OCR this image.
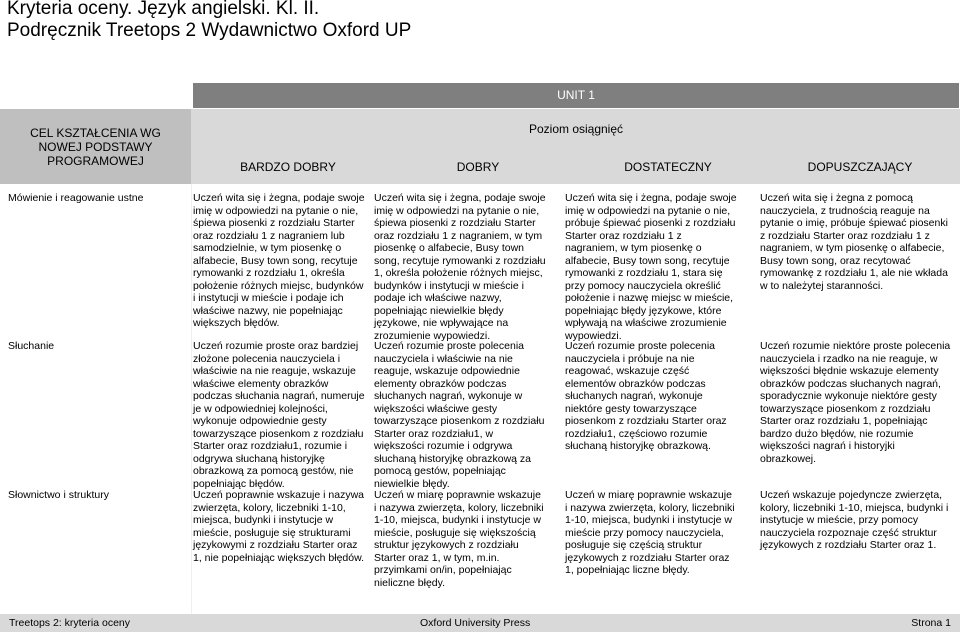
Kryteria oceny. Język angielski. Kl. II.
Podręcznik Treetops 2 Wydawnictwo Oxford UP
UNIT 1
CEL KSZTAŁCENIA WG NOWEJ PODSTAWY PROGRAMOWEJ
Poziom osiągnięć
BARDZO DOBRY	DOBRY	DOSTATECZNY	DOPUSZCZAJĄCY
Mówienie i reagowanie ustne	Uczeń wita się i żegna, podaje swoje imię w odpowiedzi na pytanie o nie, śpiewa piosenki z rozdziału Starter oraz rozdziału 1 z nagraniem lub samodzielnie, w tym piosenkę o alfabecie, Busy town song, recytuje rymowanki z rozdziału 1, określa położenie różnych miejsc, budynków i instytucji w mieście i podaje ich właściwe nazwy, nie popełniając większych błędów.
Uczeń wita się i żegna, podaje swoje imię w odpowiedzi na pytanie o nie, śpiewa piosenki z rozdziału Starter oraz rozdziału 1 z nagraniem, w tym piosenkę o alfabecie, Busy town song, recytuje rymowanki z rozdziału 1, określa położenie różnych miejsc, budynków i instytucji w mieście i podaje ich właściwe nazwy, popełniając niewielkie błędy językowe, nie wpływające na zrozumienie wypowiedzi.
Uczeń wita się i żegna, podaje swoje imię w odpowiedzi na pytanie o nie, próbuje śpiewać piosenki z rozdziału Starter oraz rozdziału 1 z nagraniem, w tym piosenkę o alfabecie, Busy town song, recytuje rymowanki z rozdziału 1, stara się przy pomocy nauczyciela określić położenie i nazwę miejsc w mieście, popełniając błędy językowe, które wpływają na właściwe zrozumienie wypowiedzi.
Uczeń wita się i żegna z pomocą nauczyciela, z trudnością reaguje na pytanie o imię, próbuje śpiewać piosenki z rozdziału Starter oraz rozdziału 1 z nagraniem, w tym piosenkę o alfabecie, Busy town song, oraz recytować rymowankę z rozdziału 1, ale nie wkłada w to należytej staranności.
Słuchanie	Uczeń rozumie proste oraz bardziej złożone polecenia nauczyciela i właściwie na nie reaguje, wskazuje właściwe elementy obrazków podczas słuchania nagrań, numeruje je w odpowiedniej kolejności, wykonuje odpowiednie gesty towarzyszące piosenkom z rozdziału Starter oraz rozdziału1, rozumie i odgrywa słuchaną historyjkę obrazkową za pomocą gestów, nie popełniając błędów.
Uczeń rozumie proste polecenia nauczyciela i właściwie na nie reaguje, wskazuje odpowiednie elementy obrazków podczas słuchanych nagrań, wykonuje w większości właściwe gesty towarzyszące piosenkom z rozdziału Starter oraz rozdziału1, w większości rozumie i odgrywa słuchaną historyjkę obrazkową za pomocą gestów, popełniając niewielkie błędy.
Uczeń rozumie proste polecenia nauczyciela i próbuje na nie reagować, wskazuje część elementów obrazków podczas słuchanych nagrań, wykonuje niektóre gesty towarzyszące piosenkom z rozdziału Starter oraz rozdziału1, częściowo rozumie słuchaną historyjkę obrazkową.
Uczeń rozumie niektóre proste polecenia nauczyciela i rzadko na nie reaguje, w większości błędnie wskazuje elementy obrazków podczas słuchanych nagrań, sporadycznie wykonuje niektóre gesty towarzyszące piosenkom z rozdziału Starter oraz rozdziału 1, popełniając bardzo dużo błędów, nie rozumie większości nagrań i historyjki obrazkowej.
Słownictwo i struktury	Uczeń poprawnie wskazuje i nazywa zwierzęta, kolory, liczebniki 1-10, miejsca, budynki i instytucje w mieście, posługuje się strukturami językowymi z rozdziału Starter oraz 1, nie popełniając większych błędów.
Uczeń w miarę poprawnie wskazuje i nazywa zwierzęta, kolory, liczebniki 1-10, miejsca, budynki i instytucje w mieście, posługuje się większością struktur językowych z rozdziału Starter oraz 1, w tym, m.in. przyimkami on/in, popełniając nieliczne błędy.
Uczeń w miarę poprawnie wskazuje i nazywa zwierzęta, kolory, liczebniki 1-10, miejsca, budynki i instytucje w mieście przy pomocy nauczyciela, posługuje się częścią struktur językowych z rozdziału Starter oraz 1, popełniając liczne błędy.
Uczeń wskazuje pojedyncze zwierzęta, kolory, liczebniki 1-10, miejsca, budynki i instytucje w mieście, przy pomocy nauczyciela rozpoznaje część struktur językowych z rozdziału Starter oraz 1.
Treetops 2: kryteria oceny	Oxford University Press	Strona 1
